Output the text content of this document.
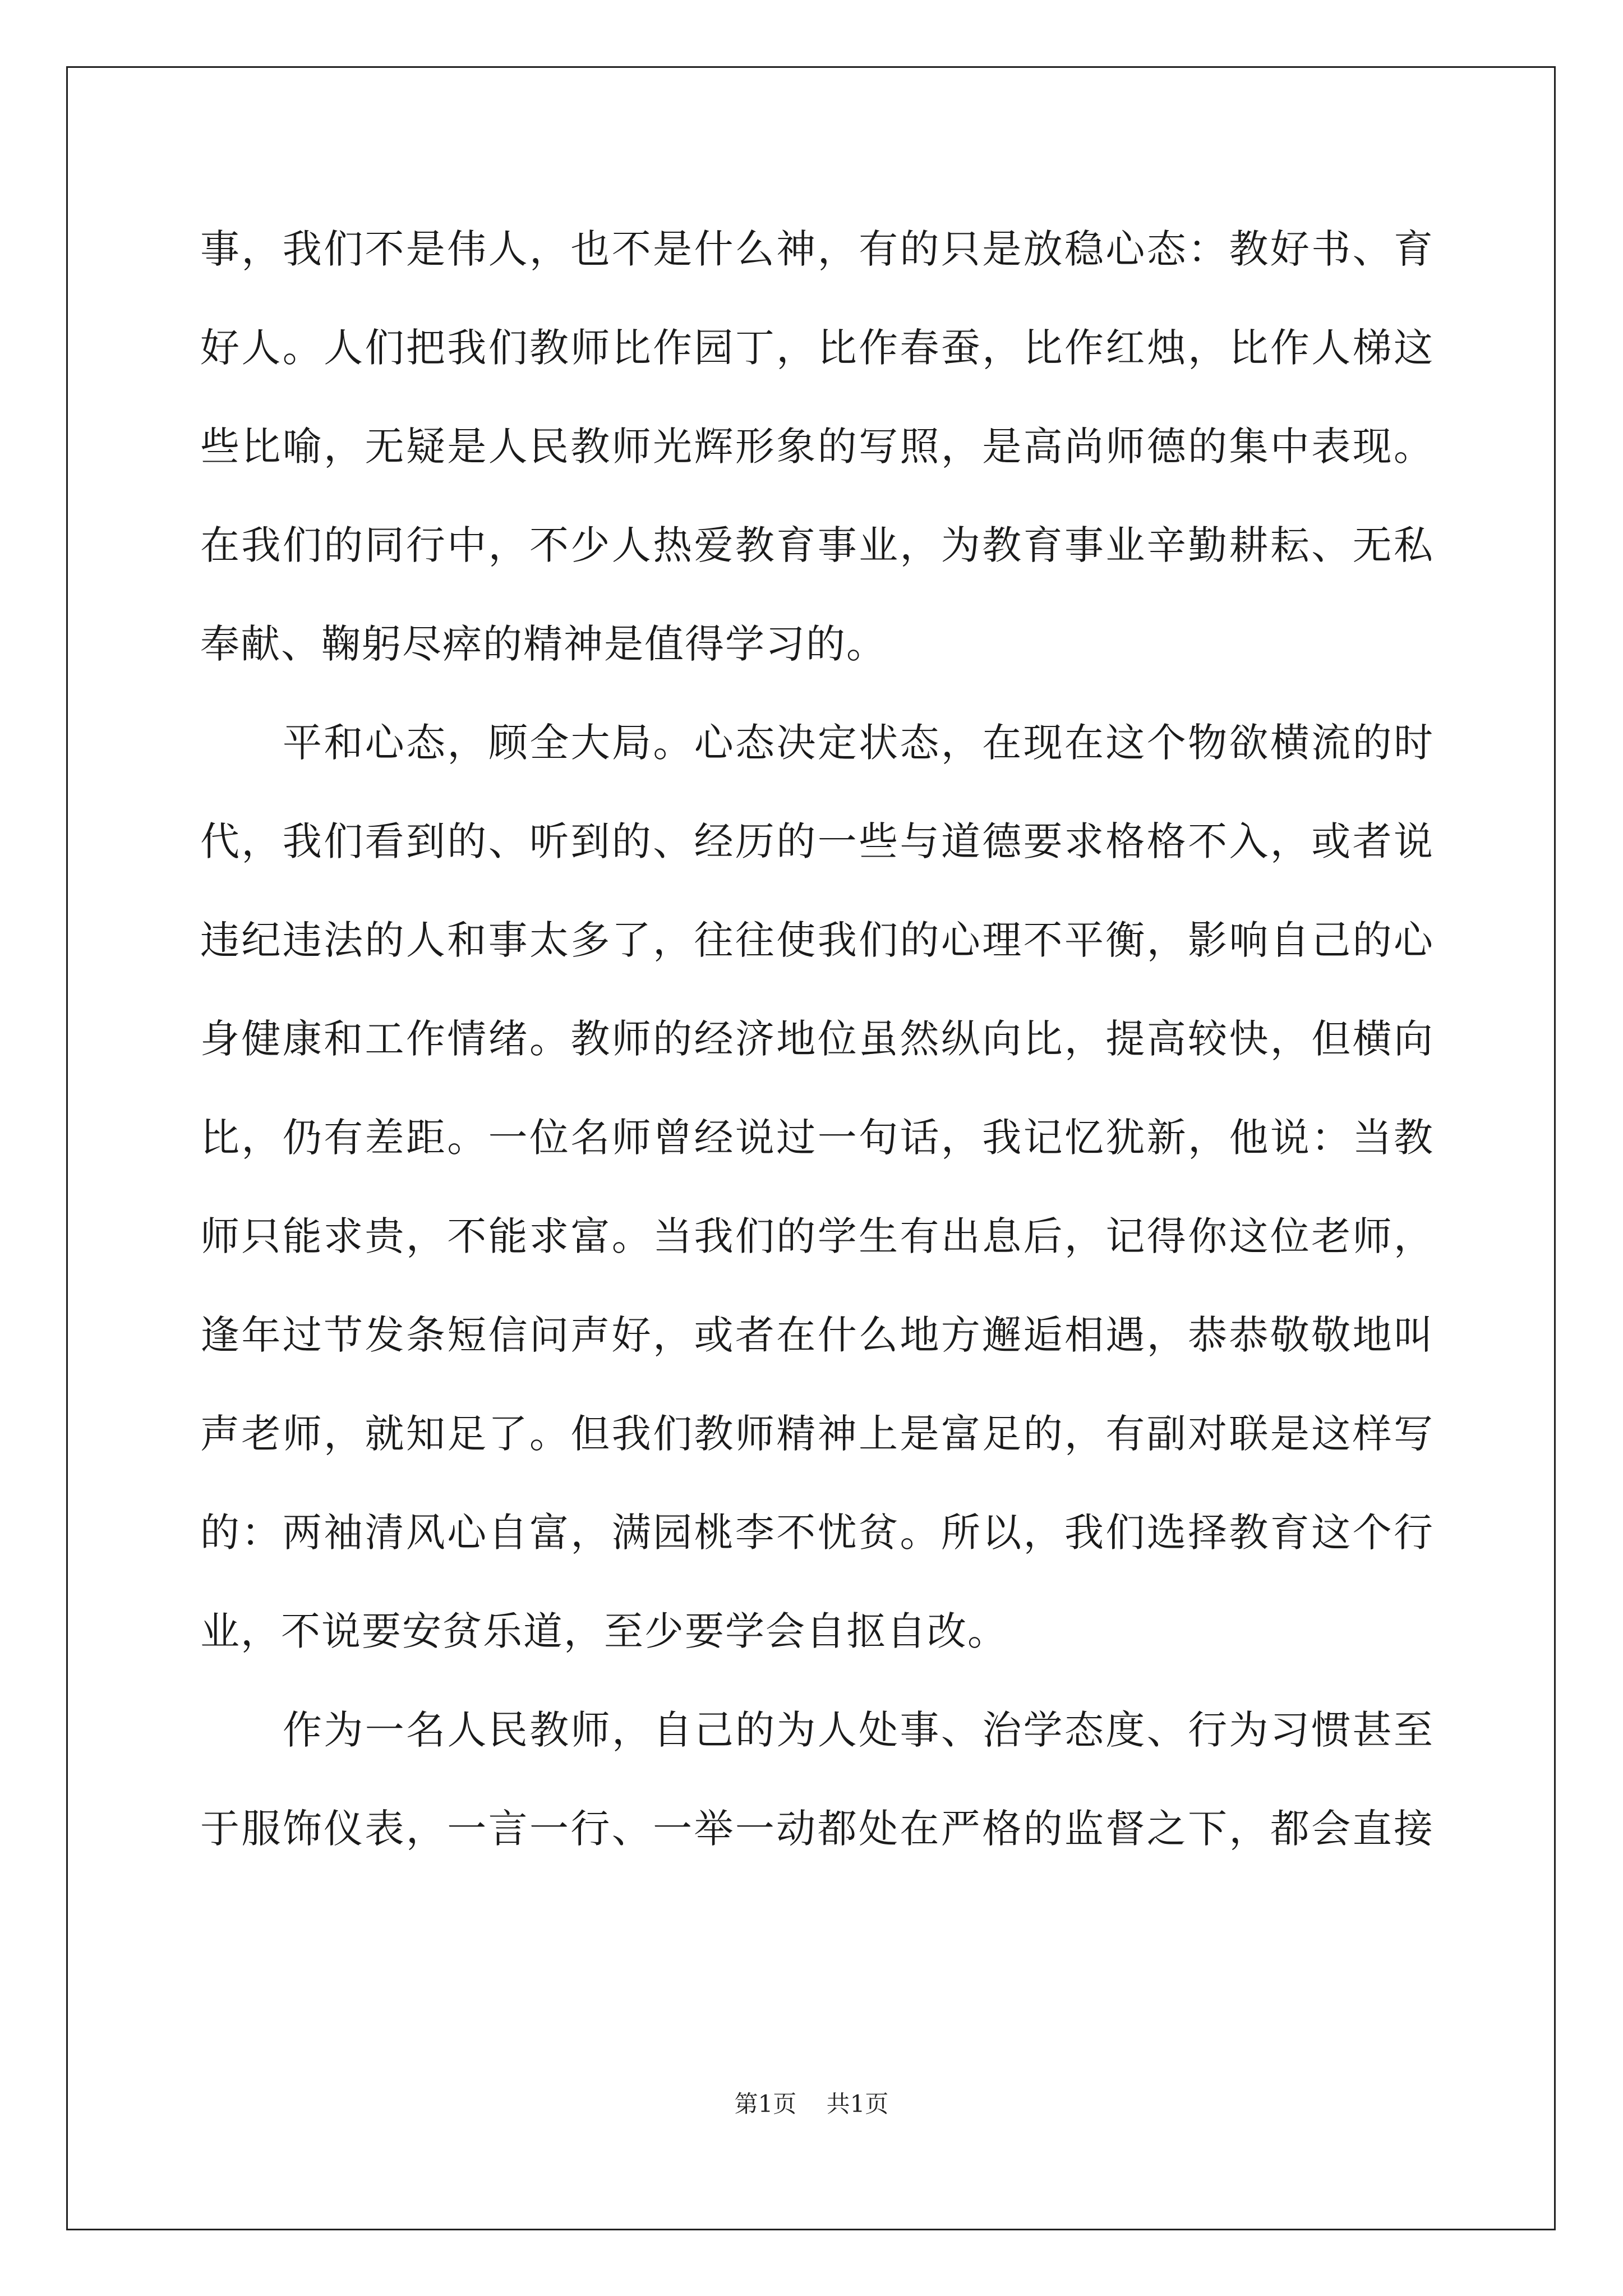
事，我们不是伟人，也不是什么神，有的只是放稳心态：教好书、育
好人。人们把我们教师比作园丁，比作春蚕，比作红烛，比作人梯这
些比喻，无疑是人民教师光辉形象的写照，是高尚师德的集中表现。
在我们的同行中，不少人热爱教育事业，为教育事业辛勤耕耘、无私
奉献、鞠躬尽瘁的精神是值得学习的。
平和心态，顾全大局。心态决定状态，在现在这个物欲横流的时
代，我们看到的、听到的、经历的一些与道德要求格格不入，或者说
违纪违法的人和事太多了，往往使我们的心理不平衡，影响自己的心
身健康和工作情绪。教师的经济地位虽然纵向比，提高较快，但横向
比，仍有差距。一位名师曾经说过一句话，我记忆犹新，他说：当教
师只能求贵，不能求富。当我们的学生有出息后，记得你这位老师，
逢年过节发条短信问声好，或者在什么地方邂逅相遇，恭恭敬敬地叫
声老师，就知足了。但我们教师精神上是富足的，有副对联是这样写
的：两袖清风心自富，满园桃李不忧贫。所以，我们选择教育这个行
业，不说要安贫乐道，至少要学会自抠自改。
作为一名人民教师，自己的为人处事、治学态度、行为习惯甚至
于服饰仪表，一言一行、一举一动都处在严格的监督之下，都会直接
第1页 共1页
